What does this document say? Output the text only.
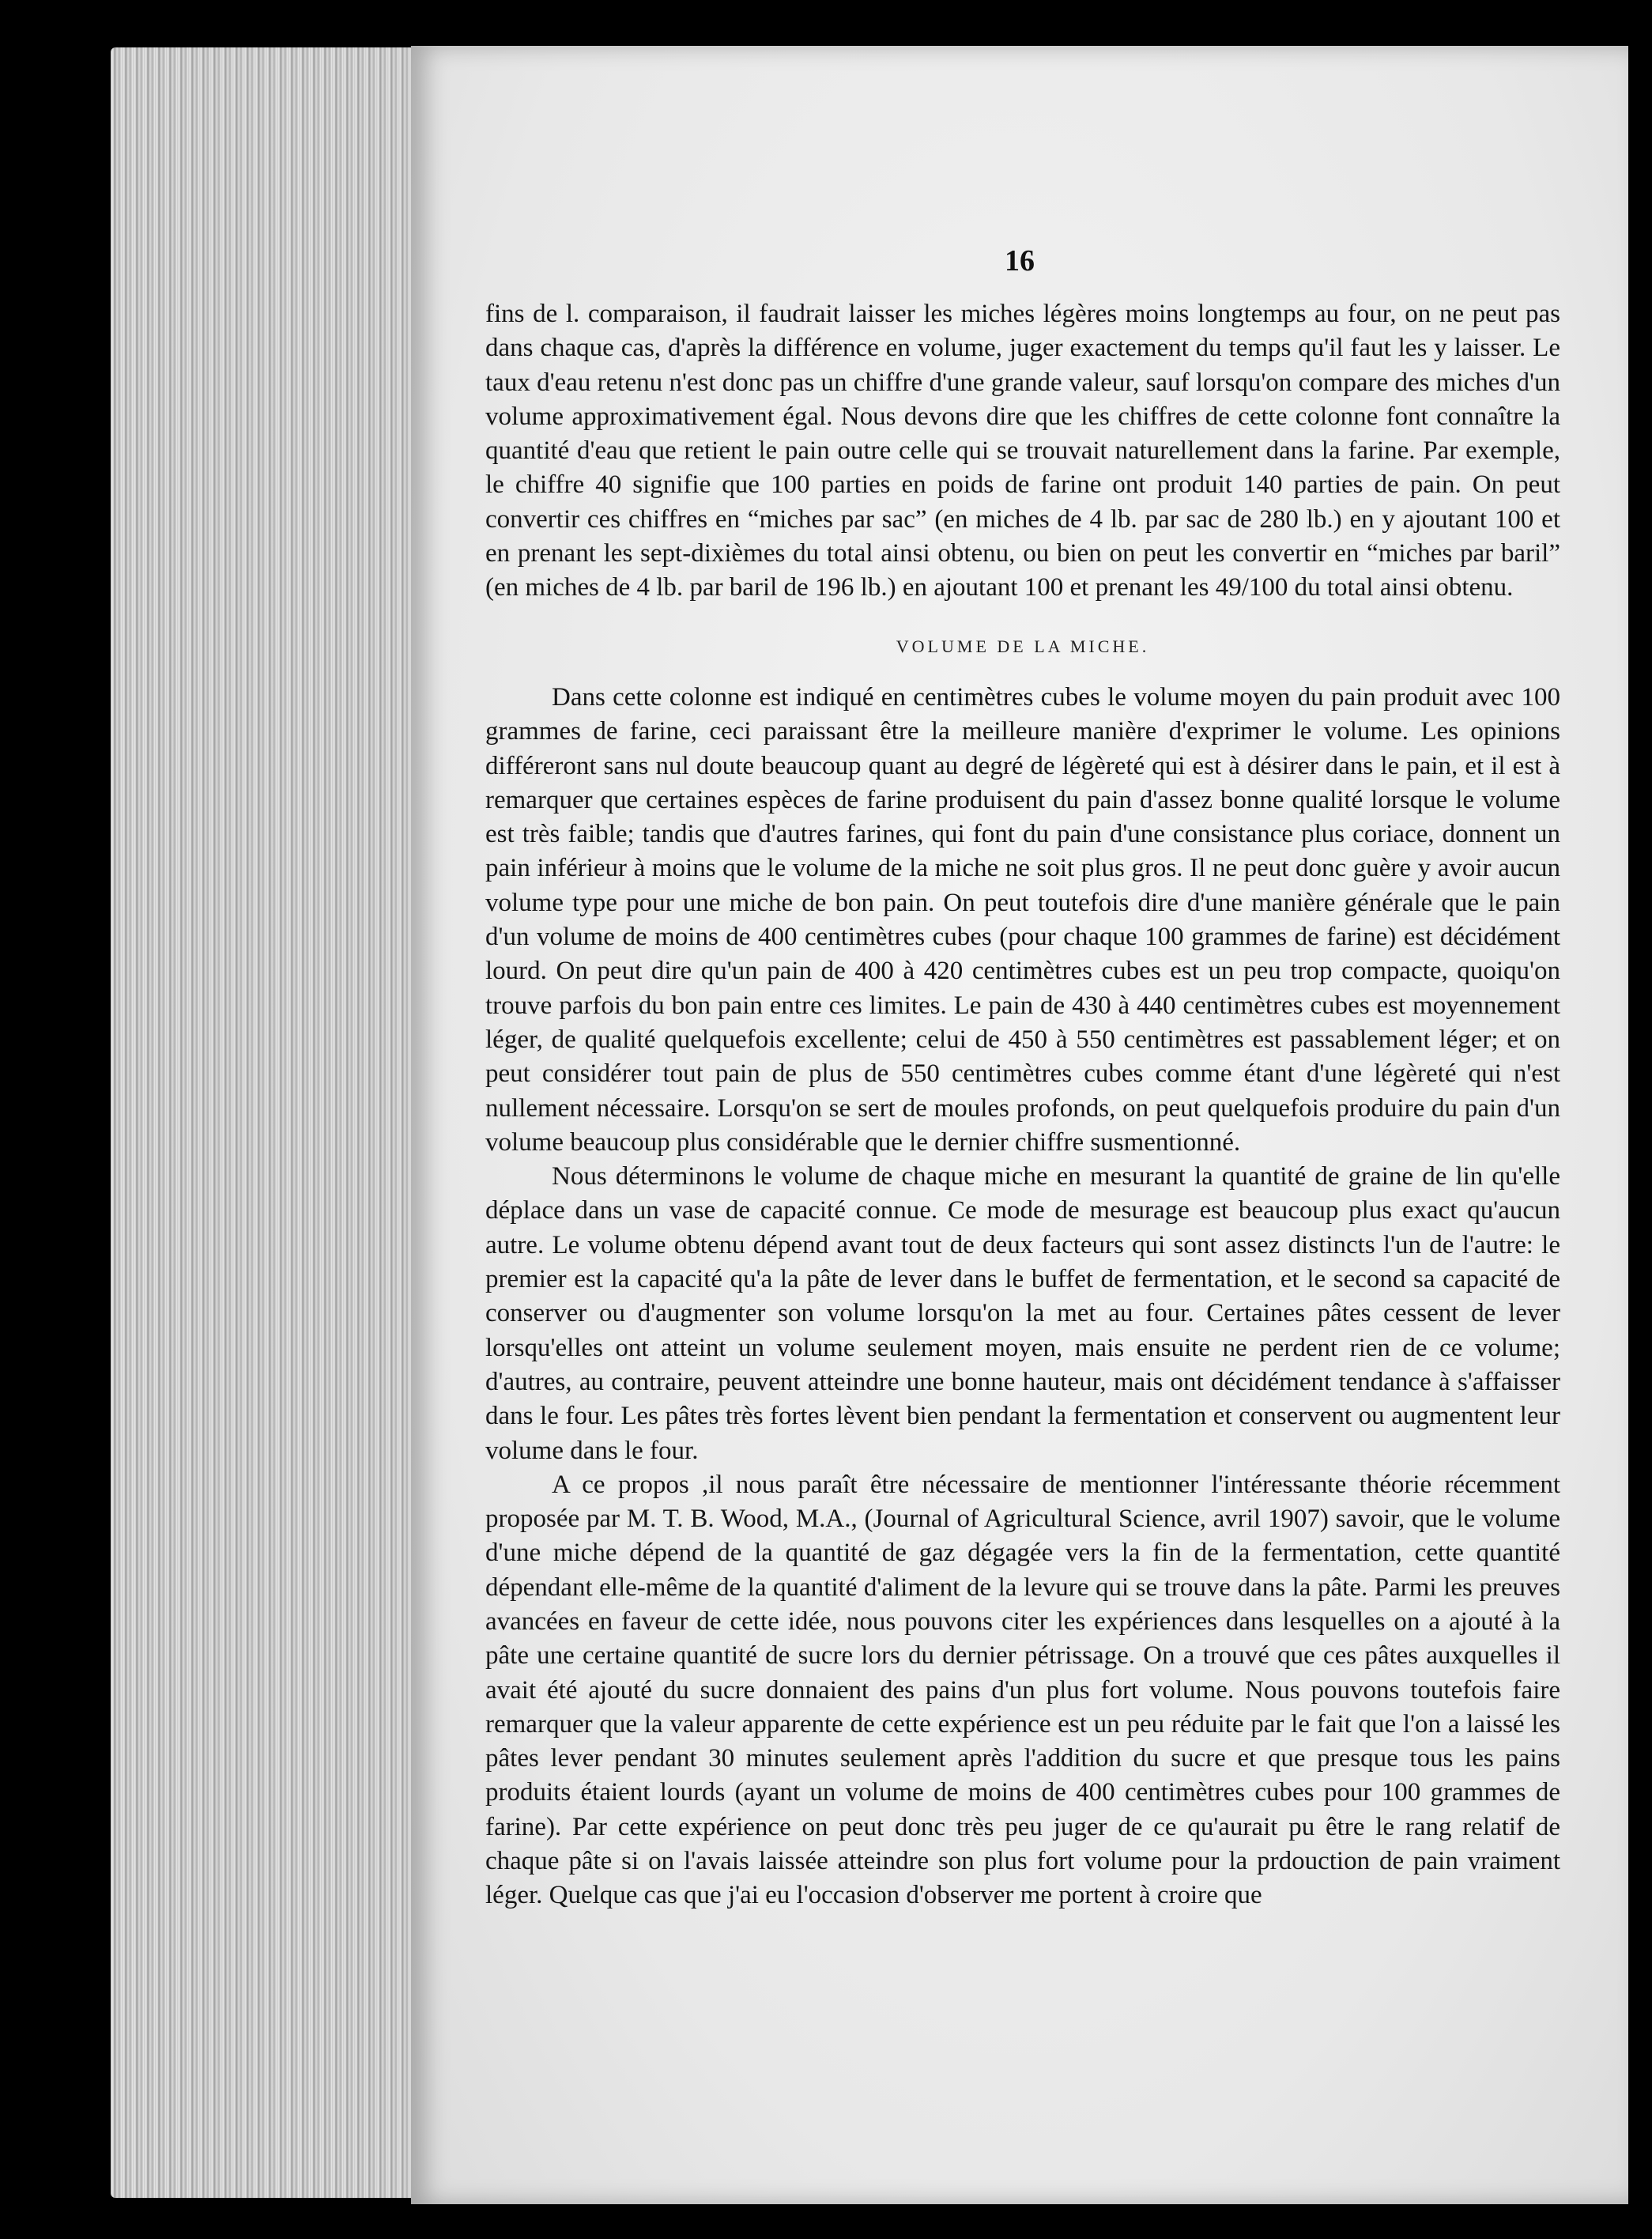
16

fins de l. comparaison, il faudrait laisser les miches légères moins longtemps au four, on ne peut pas dans chaque cas, d'après la différence en volume, juger exactement du temps qu'il faut les y laisser. Le taux d'eau retenu n'est donc pas un chiffre d'une grande valeur, sauf lorsqu'on compare des miches d'un volume approximativement égal. Nous devons dire que les chiffres de cette colonne font connaître la quantité d'eau que retient le pain outre celle qui se trouvait naturellement dans la farine. Par exemple, le chiffre 40 signifie que 100 parties en poids de farine ont produit 140 parties de pain. On peut convertir ces chiffres en “miches par sac” (en miches de 4 lb. par sac de 280 lb.) en y ajoutant 100 et en prenant les sept-dixièmes du total ainsi obtenu, ou bien on peut les convertir en “miches par baril” (en miches de 4 lb. par baril de 196 lb.) en ajoutant 100 et prenant les 49/100 du total ainsi obtenu.

VOLUME DE LA MICHE.

Dans cette colonne est indiqué en centimètres cubes le volume moyen du pain produit avec 100 grammes de farine, ceci paraissant être la meilleure manière d'exprimer le volume. Les opinions différeront sans nul doute beaucoup quant au degré de légèreté qui est à désirer dans le pain, et il est à remarquer que certaines espèces de farine produisent du pain d'assez bonne qualité lorsque le volume est très faible; tandis que d'autres farines, qui font du pain d'une consistance plus coriace, donnent un pain inférieur à moins que le volume de la miche ne soit plus gros. Il ne peut donc guère y avoir aucun volume type pour une miche de bon pain. On peut toutefois dire d'une manière générale que le pain d'un volume de moins de 400 centimètres cubes (pour chaque 100 grammes de farine) est décidément lourd. On peut dire qu'un pain de 400 à 420 centimètres cubes est un peu trop compacte, quoiqu'on trouve parfois du bon pain entre ces limites. Le pain de 430 à 440 centimètres cubes est moyennement léger, de qualité quelquefois excellente; celui de 450 à 550 centimètres est passablement léger; et on peut considérer tout pain de plus de 550 centimètres cubes comme étant d'une légèreté qui n'est nullement nécessaire. Lorsqu'on se sert de moules profonds, on peut quelquefois produire du pain d'un volume beaucoup plus considérable que le dernier chiffre susmentionné.

Nous déterminons le volume de chaque miche en mesurant la quantité de graine de lin qu'elle déplace dans un vase de capacité connue. Ce mode de mesurage est beaucoup plus exact qu'aucun autre. Le volume obtenu dépend avant tout de deux facteurs qui sont assez distincts l'un de l'autre: le premier est la capacité qu'a la pâte de lever dans le buffet de fermentation, et le second sa capacité de conserver ou d'augmenter son volume lorsqu'on la met au four. Certaines pâtes cessent de lever lorsqu'elles ont atteint un volume seulement moyen, mais ensuite ne perdent rien de ce volume; d'autres, au contraire, peuvent atteindre une bonne hauteur, mais ont décidément tendance à s'affaisser dans le four. Les pâtes très fortes lèvent bien pendant la fermentation et conservent ou augmentent leur volume dans le four.

A ce propos ,il nous paraît être nécessaire de mentionner l'intéressante théorie récemment proposée par M. T. B. Wood, M.A., (Journal of Agricultural Science, avril 1907) savoir, que le volume d'une miche dépend de la quantité de gaz dégagée vers la fin de la fermentation, cette quantité dépendant elle-même de la quantité d'aliment de la levure qui se trouve dans la pâte. Parmi les preuves avancées en faveur de cette idée, nous pouvons citer les expériences dans lesquelles on a ajouté à la pâte une certaine quantité de sucre lors du dernier pétrissage. On a trouvé que ces pâtes auxquelles il avait été ajouté du sucre donnaient des pains d'un plus fort volume. Nous pouvons toutefois faire remarquer que la valeur apparente de cette expérience est un peu réduite par le fait que l'on a laissé les pâtes lever pendant 30 minutes seulement après l'addition du sucre et que presque tous les pains produits étaient lourds (ayant un volume de moins de 400 centimètres cubes pour 100 grammes de farine). Par cette expérience on peut donc très peu juger de ce qu'aurait pu être le rang relatif de chaque pâte si on l'avais laissée atteindre son plus fort volume pour la prdouction de pain vraiment léger. Quelque cas que j'ai eu l'occasion d'observer me portent à croire que
